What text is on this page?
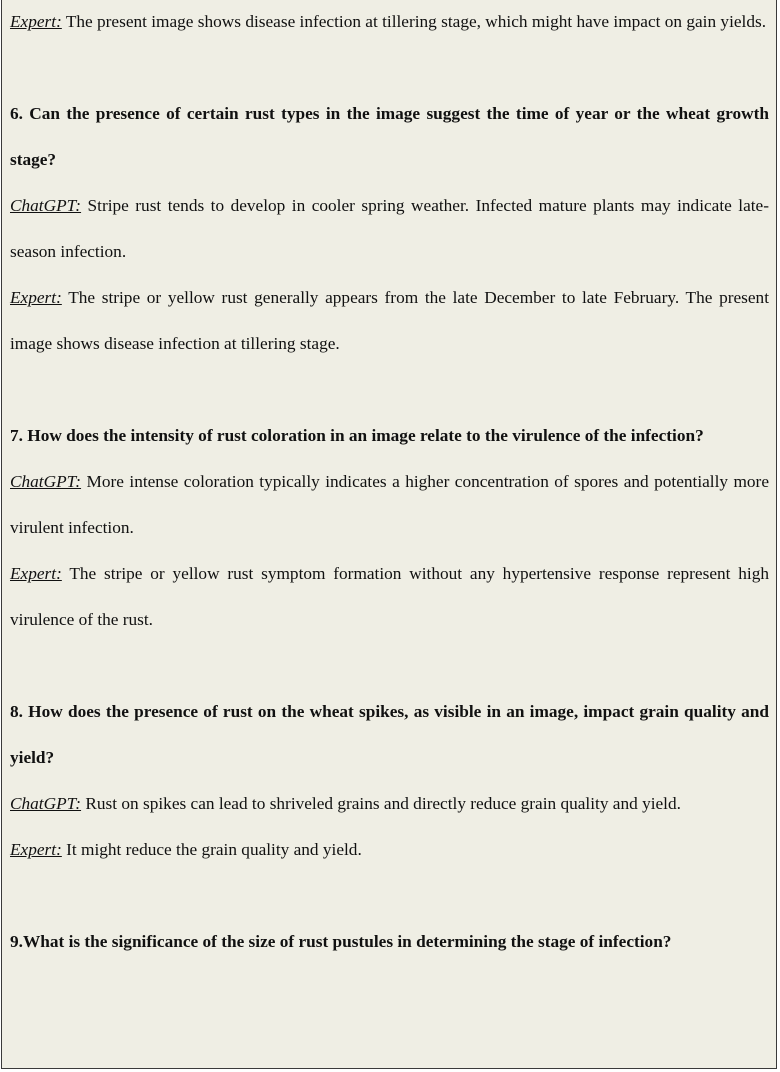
Expert: The present image shows disease infection at tillering stage, which might have impact on gain yields.

6. Can the presence of certain rust types in the image suggest the time of year or the wheat growth stage?

ChatGPT: Stripe rust tends to develop in cooler spring weather. Infected mature plants may indicate late-season infection.

Expert: The stripe or yellow rust generally appears from the late December to late February. The present image shows disease infection at tillering stage.

7. How does the intensity of rust coloration in an image relate to the virulence of the infection?

ChatGPT: More intense coloration typically indicates a higher concentration of spores and potentially more virulent infection.

Expert: The stripe or yellow rust symptom formation without any hypertensive response represent high virulence of the rust.

8. How does the presence of rust on the wheat spikes, as visible in an image, impact grain quality and yield?

ChatGPT: Rust on spikes can lead to shriveled grains and directly reduce grain quality and yield.

Expert: It might reduce the grain quality and yield.

9.What is the significance of the size of rust pustules in determining the stage of infection?
